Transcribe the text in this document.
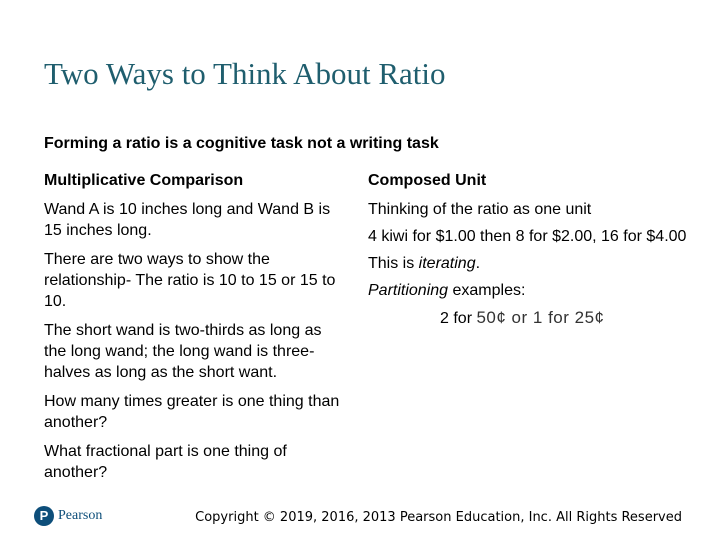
Two Ways to Think About Ratio
Forming a ratio is a cognitive task not a writing task
Multiplicative Comparison

Wand A is 10 inches long and Wand B is 15 inches long.

There are two ways to show the relationship- The ratio is 10 to 15 or 15 to 10.

The short wand is two-thirds as long as the long wand; the long wand is three-halves as long as the short want.

How many times greater is one thing than another?

What fractional part is one thing of another?

Composed Unit

Thinking of the ratio as one unit

4 kiwi for $1.00 then 8 for $2.00, 16 for $4.00

This is iterating.

Partitioning examples:

2 for 50¢ or 1 for 25¢

P Pearson	Copyright © 2019, 2016, 2013 Pearson Education, Inc. All Rights Reserved
